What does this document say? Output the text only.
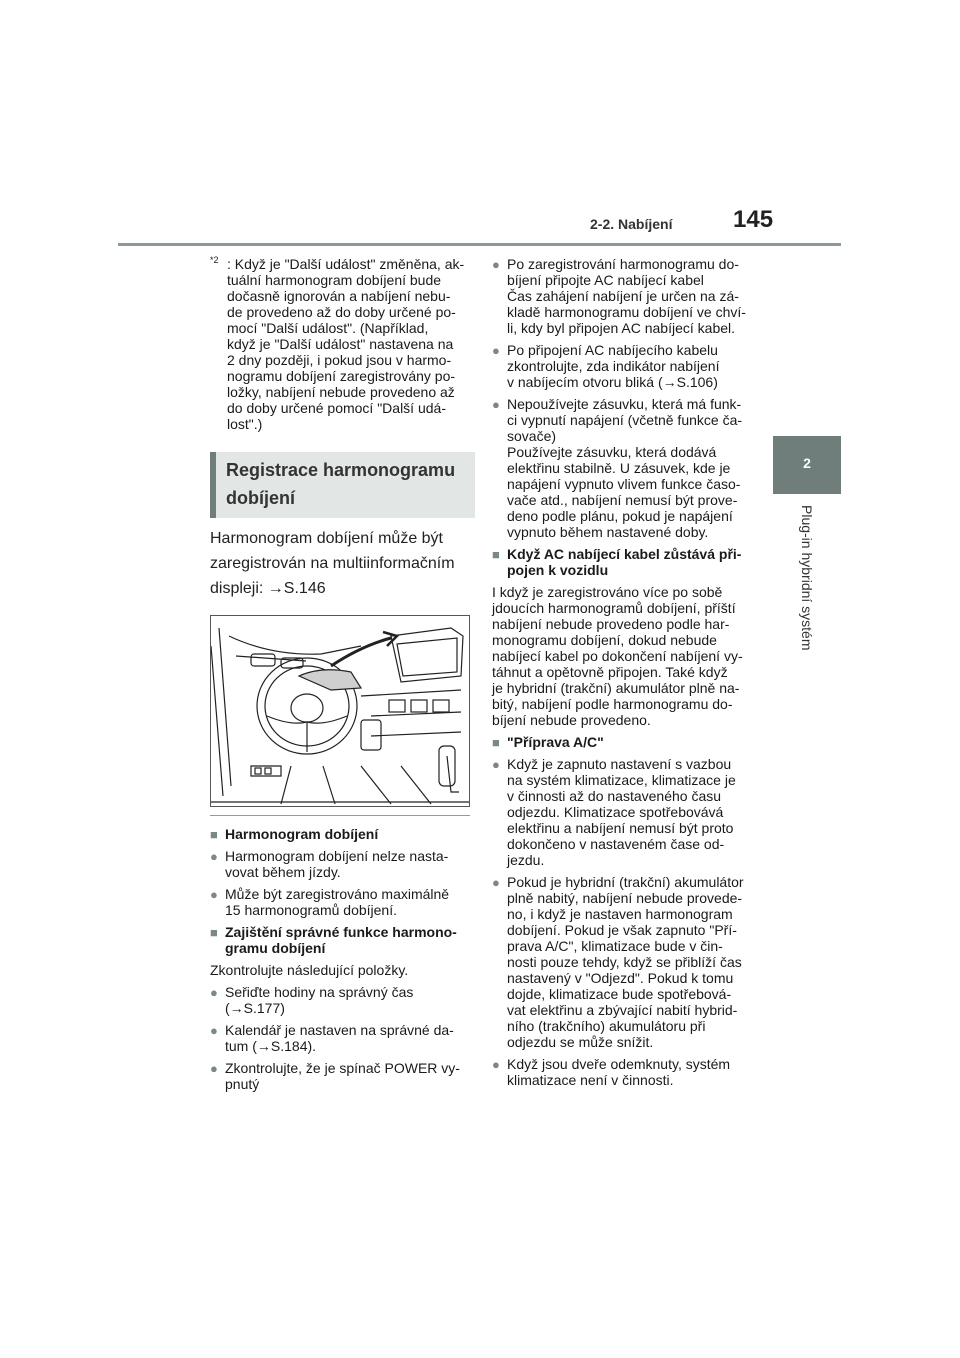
2-2. Nabíjení	145
2
Plug-in hybridní systém
*2 : Když je "Další událost" změněna, ak-
tuální harmonogram dobíjení bude
dočasně ignorován a nabíjení nebu-
de provedeno až do doby určené po-
mocí "Další událost". (Například,
když je "Další událost" nastavena na
2 dny později, i pokud jsou v harmo-
nogramu dobíjení zaregistrovány po-
ložky, nabíjení nebude provedeno až
do doby určené pomocí "Další udá-
lost".)

Registrace harmonogramu dobíjení

Harmonogram dobíjení může být zaregistrován na multiinformačním displeji: →S.146

■ Harmonogram dobíjení
● Harmonogram dobíjení nelze nasta-
vovat během jízdy.
● Může být zaregistrováno maximálně
15 harmonogramů dobíjení.
■ Zajištění správné funkce harmono-
gramu dobíjení

Zkontrolujte následující položky.

● Seřiďte hodiny na správný čas
(→S.177)
● Kalendář je nastaven na správné da-
tum (→S.184).
● Zkontrolujte, že je spínač POWER vy-
pnutý
● Po zaregistrování harmonogramu do-
bíjení připojte AC nabíjecí kabel
Čas zahájení nabíjení je určen na zá-
kladě harmonogramu dobíjení ve chví-
li, kdy byl připojen AC nabíjecí kabel.
● Po připojení AC nabíjecího kabelu
zkontrolujte, zda indikátor nabíjení
v nabíjecím otvoru bliká (→S.106)
● Nepoužívejte zásuvku, která má funk-
ci vypnutí napájení (včetně funkce ča-
sovače)
Používejte zásuvku, která dodává
elektřinu stabilně. U zásuvek, kde je
napájení vypnuto vlivem funkce časo-
vače atd., nabíjení nemusí být prove-
deno podle plánu, pokud je napájení
vypnuto během nastavené doby.
■ Když AC nabíjecí kabel zůstává při-
pojen k vozidlu

I když je zaregistrováno více po sobě
jdoucích harmonogramů dobíjení, příští
nabíjení nebude provedeno podle har-
monogramu dobíjení, dokud nebude
nabíjecí kabel po dokončení nabíjení vy-
táhnut a opětovně připojen. Také když
je hybridní (trakční) akumulátor plně na-
bitý, nabíjení podle harmonogramu do-
bíjení nebude provedeno.

■ "Příprava A/C"
● Když je zapnuto nastavení s vazbou
na systém klimatizace, klimatizace je
v činnosti až do nastaveného času
odjezdu. Klimatizace spotřebovává
elektřinu a nabíjení nemusí být proto
dokončeno v nastaveném čase od-
jezdu.
● Pokud je hybridní (trakční) akumulátor
plně nabitý, nabíjení nebude provede-
no, i když je nastaven harmonogram
dobíjení. Pokud je však zapnuto "Pří-
prava A/C", klimatizace bude v čin-
nosti pouze tehdy, když se přiblíží čas
nastavený v "Odjezd". Pokud k tomu
dojde, klimatizace bude spotřebová-
vat elektřinu a zbývající nabití hybrid-
ního (trakčního) akumulátoru při
odjezdu se může snížit.
● Když jsou dveře odemknuty, systém
klimatizace není v činnosti.
